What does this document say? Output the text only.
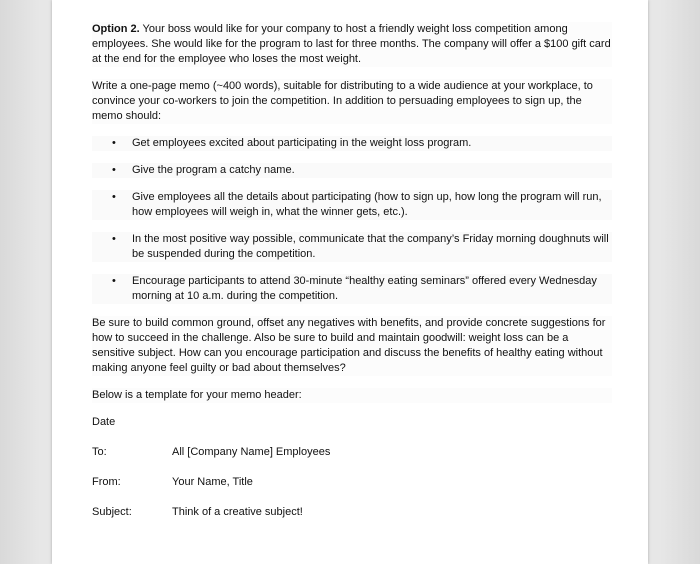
Option 2. Your boss would like for your company to host a friendly weight loss competition among employees. She would like for the program to last for three months. The company will offer a $100 gift card at the end for the employee who loses the most weight.

Write a one-page memo (~400 words), suitable for distributing to a wide audience at your workplace, to convince your co-workers to join the competition. In addition to persuading employees to sign up, the memo should:

• Get employees excited about participating in the weight loss program.
• Give the program a catchy name.
• Give employees all the details about participating (how to sign up, how long the program will run, how employees will weigh in, what the winner gets, etc.).
• In the most positive way possible, communicate that the company’s Friday morning doughnuts will be suspended during the competition.
• Encourage participants to attend 30-minute “healthy eating seminars” offered every Wednesday morning at 10 a.m. during the competition.

Be sure to build common ground, offset any negatives with benefits, and provide concrete suggestions for how to succeed in the challenge. Also be sure to build and maintain goodwill: weight loss can be a sensitive subject. How can you encourage participation and discuss the benefits of healthy eating without making anyone feel guilty or bad about themselves?

Below is a template for your memo header:

Date
To:	All [Company Name] Employees
From:	Your Name, Title
Subject:	Think of a creative subject!
